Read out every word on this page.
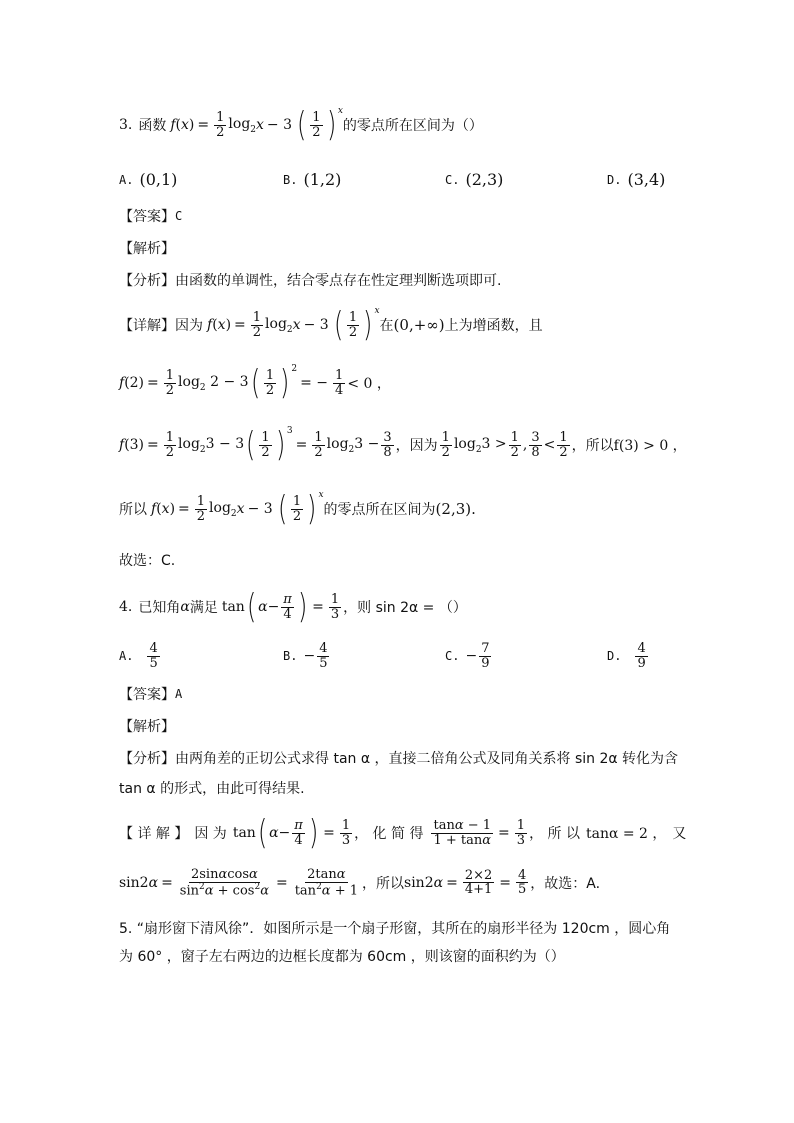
3. 函数 f ( x ) = $\frac{1}{2} \log_2 x - 3$ ( $\frac{1}{2} )^x$
的零点所在区间为（）
A. (0,1)	B. (1,2)	C. (2,3)	D. (3,4)
【答案】 C
【解析】
【分析】 由函数的单调性，结合零点存在性定理判断选项即可.
【详解】 因为 f ( x ) = $\frac{1}{2} \log_2 x - 3$ ( $\frac{1}{2} )^x$
在 (0,+∞) 上为增函数，且
f $(2) = \frac{1}{2} \log_2 2 - 3$ ( $\frac{1}{2} )^2$
= − $\frac{1}{4} < 0$ ，
f $(3) = \frac{1}{2} \log_23 - 3$ ( $\frac{1}{2} )^3$
= $\frac{1}{2} \log_23 - \frac{3}{8}$ ，因为 $\frac{1}{2} \log_23 > \frac{1}{2}$ , $\frac{3}{8} < \frac{1}{2}$ ，所以 f(3) > 0 ，
所以 f ( x ) = $\frac{1}{2} \log_2 x - 3$ ( $\frac{1}{2} )^x$
的零点所在区间为 (2,3).
故选：C.
4. 已知角 α 满足 tan ( $\alpha - \frac{\pi}{4}$ ) = $\frac{1}{3}$ ，则 sin 2α = （）
A. $\frac{4}{5}$	B. − $\frac{4}{5}$	C. − $\frac{7}{9}$	D. $\frac{4}{9}$
【答案】 A
【解析】
【分析】 由两角差的正切公式求得 tan α ，直接二倍角公式及同角关系将 sin 2α 转化为含
tan α 的形式，由此可得结果.
【 详 解 】 因 为 tan ( $\alpha - \frac{\pi}{4}$ ) = $\frac{1}{3}$ ， 化 简 得 $\frac{\tan\alpha - 1}{1 + \tan\alpha} = \frac{1}{3}$ ， 所 以 tanα = 2 ， 又
$\sin 2\alpha = \frac{2\sin\alpha\cos\alpha}{\sin^2\alpha + \cos^2\alpha} = \frac{2\tan\alpha}{\tan^2\alpha + 1}$ ，所以 $\sin 2\alpha = \frac{2\times 2}{4+1} = \frac{4}{5}$ ，故选：A.
5. “扇形窗下清风徐”．如图所示是一个扇子形窗，其所在的扇形半径为 120cm ，圆心角
为 60° ，窗子左右两边的边框长度都为 60cm ，则该窗的面积约为（）
